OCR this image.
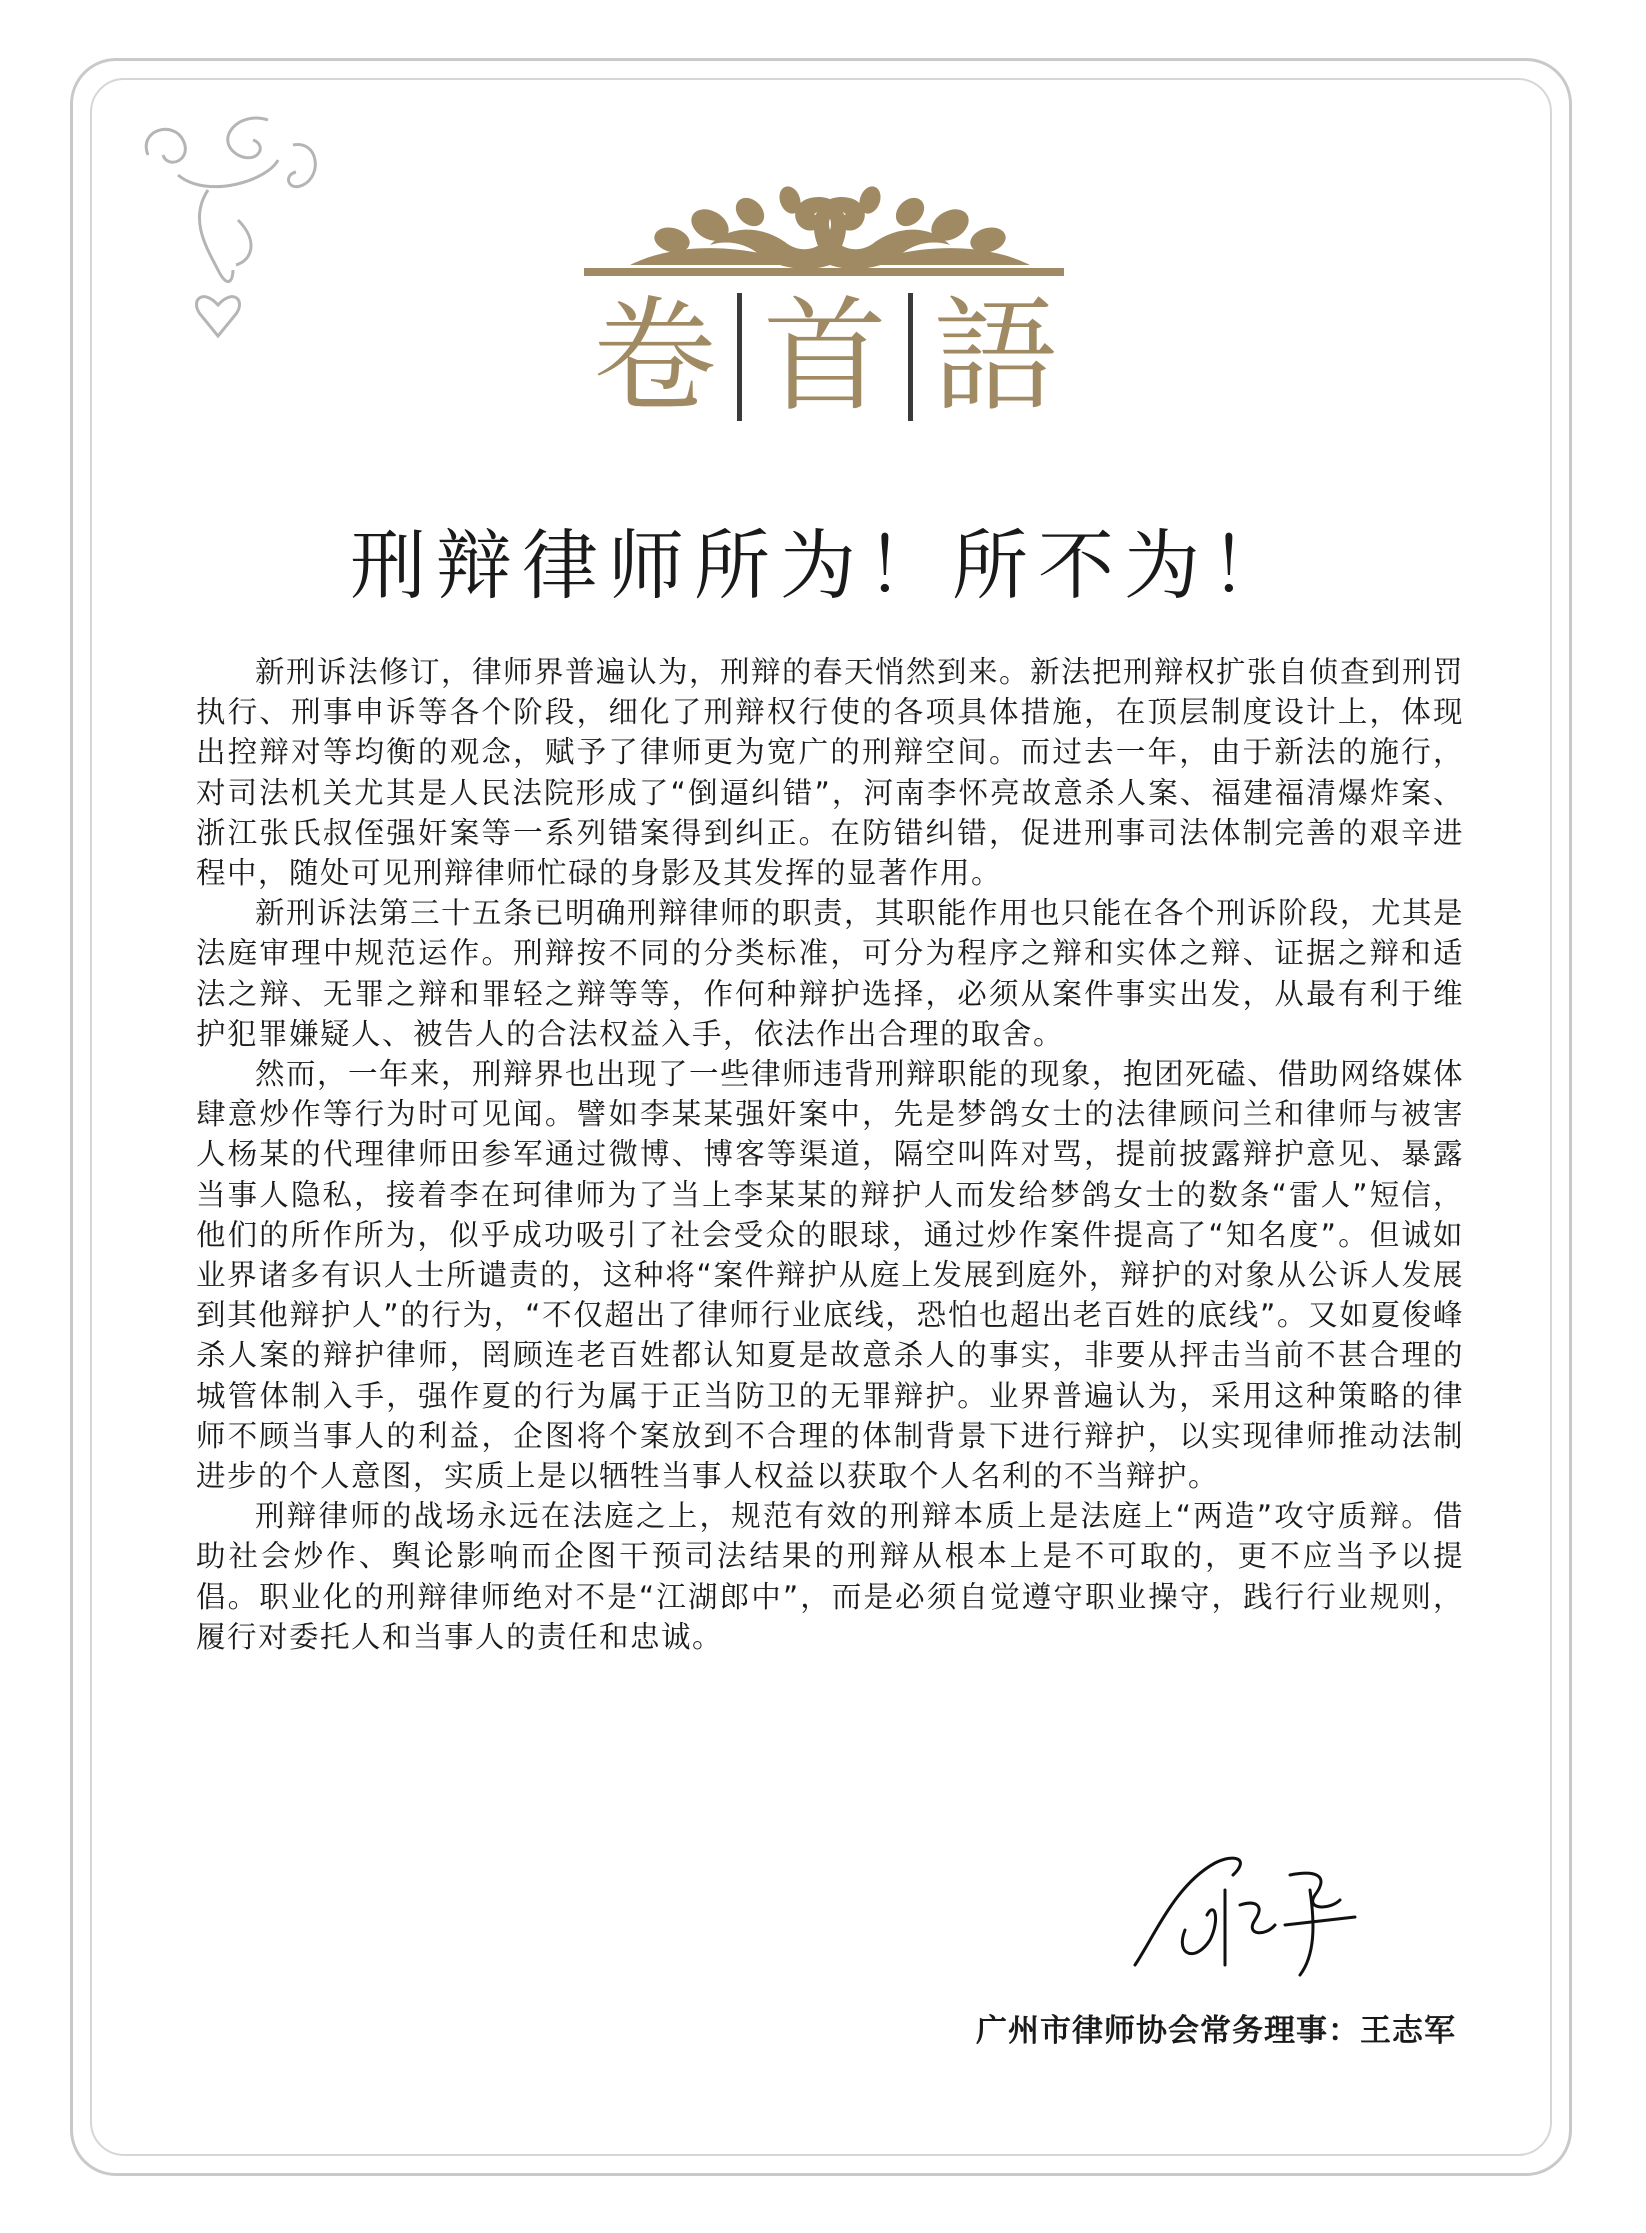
卷 首 語
刑辩律师所为！所不为！

新刑诉法修订，律师界普遍认为，刑辩的春天悄然到来。新法把刑辩权扩张自侦查到刑罚执行、刑事申诉等各个阶段，细化了刑辩权行使的各项具体措施，在顶层制度设计上，体现出控辩对等均衡的观念，赋予了律师更为宽广的刑辩空间。而过去一年，由于新法的施行，对司法机关尤其是人民法院形成了“倒逼纠错”，河南李怀亮故意杀人案、福建福清爆炸案、浙江张氏叔侄强奸案等一系列错案得到纠正。在防错纠错，促进刑事司法体制完善的艰辛进程中，随处可见刑辩律师忙碌的身影及其发挥的显著作用。

新刑诉法第三十五条已明确刑辩律师的职责，其职能作用也只能在各个刑诉阶段，尤其是法庭审理中规范运作。刑辩按不同的分类标准，可分为程序之辩和实体之辩、证据之辩和适法之辩、无罪之辩和罪轻之辩等等，作何种辩护选择，必须从案件事实出发，从最有利于维护犯罪嫌疑人、被告人的合法权益入手，依法作出合理的取舍。

然而，一年来，刑辩界也出现了一些律师违背刑辩职能的现象，抱团死磕、借助网络媒体肆意炒作等行为时可见闻。譬如李某某强奸案中，先是梦鸽女士的法律顾问兰和律师与被害人杨某的代理律师田参军通过微博、博客等渠道，隔空叫阵对骂，提前披露辩护意见、暴露当事人隐私，接着李在珂律师为了当上李某某的辩护人而发给梦鸽女士的数条“雷人”短信，他们的所作所为，似乎成功吸引了社会受众的眼球，通过炒作案件提高了“知名度”。但诚如业界诸多有识人士所谴责的，这种将“案件辩护从庭上发展到庭外，辩护的对象从公诉人发展到其他辩护人”的行为，“不仅超出了律师行业底线，恐怕也超出老百姓的底线”。又如夏俊峰杀人案的辩护律师，罔顾连老百姓都认知夏是故意杀人的事实，非要从抨击当前不甚合理的城管体制入手，强作夏的行为属于正当防卫的无罪辩护。业界普遍认为，采用这种策略的律师不顾当事人的利益，企图将个案放到不合理的体制背景下进行辩护，以实现律师推动法制进步的个人意图，实质上是以牺牲当事人权益以获取个人名利的不当辩护。

刑辩律师的战场永远在法庭之上，规范有效的刑辩本质上是法庭上“两造”攻守质辩。借助社会炒作、舆论影响而企图干预司法结果的刑辩从根本上是不可取的，更不应当予以提倡。职业化的刑辩律师绝对不是“江湖郎中”，而是必须自觉遵守职业操守，践行行业规则，履行对委托人和当事人的责任和忠诚。

广州市律师协会常务理事：王志军
